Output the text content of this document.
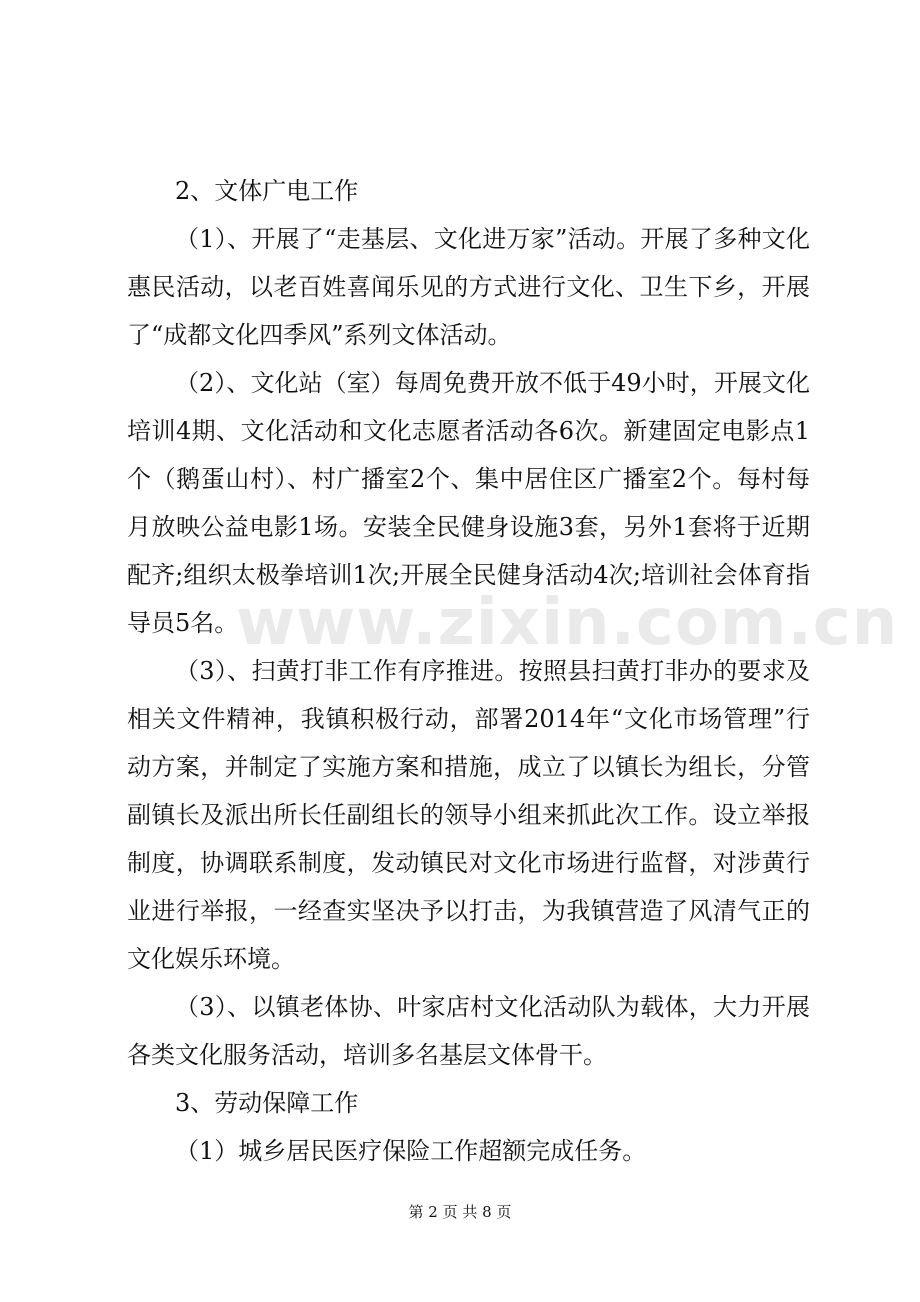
2、文体广电工作

（1）、开展了“走基层、文化进万家”活动。开展了多种文化惠民活动，以老百姓喜闻乐见的方式进行文化、卫生下乡，开展了“成都文化四季风”系列文体活动。

（2）、文化站（室）每周免费开放不低于49小时，开展文化培训4期、文化活动和文化志愿者活动各6次。新建固定电影点1个（鹅蛋山村）、村广播室2个、集中居住区广播室2个。每村每月放映公益电影1场。安装全民健身设施3套，另外1套将于近期配齐;组织太极拳培训1次;开展全民健身活动4次;培训社会体育指导员5名。

（3）、扫黄打非工作有序推进。按照县扫黄打非办的要求及相关文件精神，我镇积极行动，部署2014年“文化市场管理”行动方案，并制定了实施方案和措施，成立了以镇长为组长，分管副镇长及派出所长任副组长的领导小组来抓此次工作。设立举报制度，协调联系制度，发动镇民对文化市场进行监督，对涉黄行业进行举报，一经查实坚决予以打击，为我镇营造了风清气正的文化娱乐环境。

（3）、以镇老体协、叶家店村文化活动队为载体，大力开展各类文化服务活动，培训多名基层文体骨干。

3、劳动保障工作

（1）城乡居民医疗保险工作超额完成任务。

www.zixin.com.cn
第 2 页 共 8 页
